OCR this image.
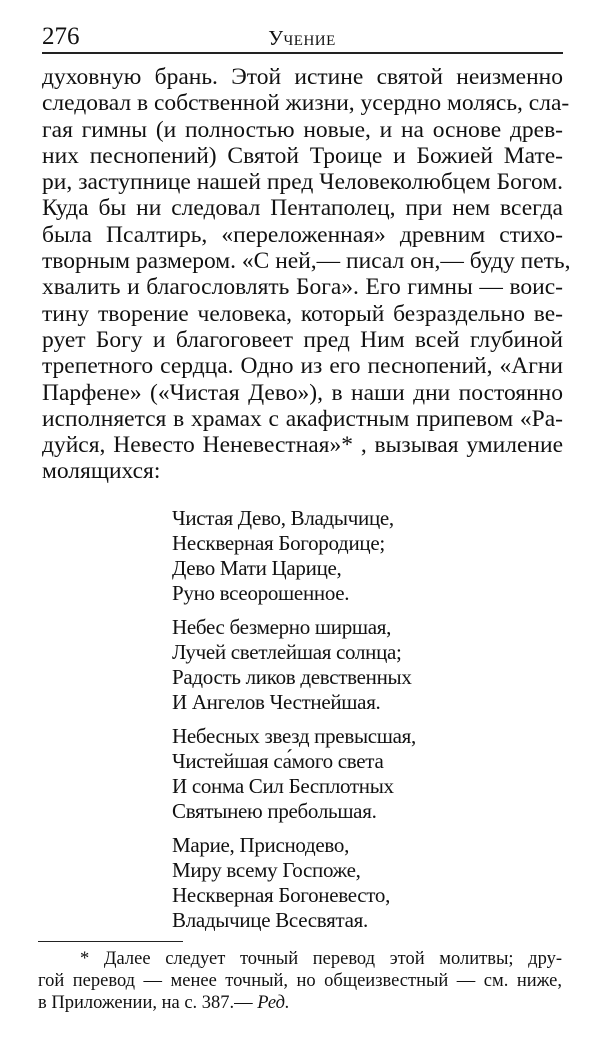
276	Учение
духовную брань. Этой истине святой неизменно
следовал в собственной жизни, усердно молясь, сла-
гая гимны (и полностью новые, и на основе древ-
них песнопений) Святой Троице и Божией Мате-
ри, заступнице нашей пред Человеколюбцем Богом.
Куда бы ни следовал Пентаполец, при нем всегда
была Псалтирь, «переложенная» древним стихо-
творным размером. «С ней,— писал он,— буду петь,
хвалить и благословлять Бога». Его гимны — воис-
тину творение человека, который безраздельно ве-
рует Богу и благоговеет пред Ним всей глубиной
трепетного сердца. Одно из его песнопений, «Агни
Парфене» («Чистая Дево»), в наши дни постоянно
исполняется в храмах с акафистным припевом «Ра-
дуйся, Невесто Неневестная»* , вызывая умиление
молящихся:
Чистая Дево, Владычице,
Нескверная Богородице;
Дево Мати Царице,
Руно всеорошенное.
Небес безмерно ширшая,
Лучей светлейшая солнца;
Радость ликов девственных
И Ангелов Честнейшая.
Небесных звезд превысшая,
Чистейшая са́мого света
И сонма Сил Бесплотных
Святынею пребольшая.
Марие, Приснодево,
Миру всему Госпоже,
Нескверная Богоневесто,
Владычице Всесвятая.
* Далее следует точный перевод этой молитвы; дру-
гой перевод — менее точный, но общеизвестный — см. ниже,
в Приложении, на с. 387.— Ред.
